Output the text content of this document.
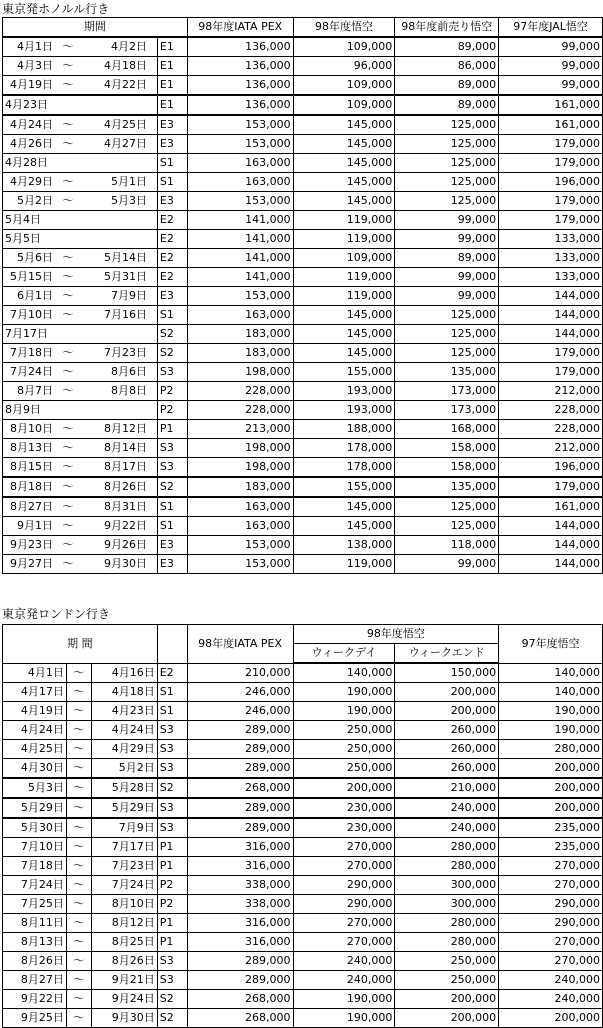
東京発ホノルル行き
期間		98年度IATA PEX	98年度悟空	98年度前売り悟空	97年度JAL悟空
4月1日 ～ 4月2日	E1	136,000	109,000	89,000	99,000
4月3日 ～ 4月18日	E1	136,000	96,000	86,000	99,000
4月19日 ～ 4月22日	E1	136,000	109,000	89,000	99,000
4月23日	E1	136,000	109,000	89,000	161,000
4月24日 ～ 4月25日	E3	153,000	145,000	125,000	161,000
4月26日 ～ 4月27日	E3	153,000	145,000	125,000	179,000
4月28日	S1	163,000	145,000	125,000	179,000
4月29日 ～ 5月1日	S1	163,000	145,000	125,000	196,000
5月2日 ～ 5月3日	E3	153,000	145,000	125,000	179,000
5月4日	E2	141,000	119,000	99,000	179,000
5月5日	E2	141,000	119,000	99,000	133,000
5月6日 ～ 5月14日	E2	141,000	109,000	89,000	133,000
5月15日 ～ 5月31日	E2	141,000	119,000	99,000	133,000
6月1日 ～ 7月9日	E3	153,000	119,000	99,000	144,000
7月10日 ～ 7月16日	S1	163,000	145,000	125,000	144,000
7月17日	S2	183,000	145,000	125,000	144,000
7月18日 ～ 7月23日	S2	183,000	145,000	125,000	179,000
7月24日 ～ 8月6日	S3	198,000	155,000	135,000	179,000
8月7日 ～ 8月8日	P2	228,000	193,000	173,000	212,000
8月9日	P2	228,000	193,000	173,000	228,000
8月10日 ～ 8月12日	P1	213,000	188,000	168,000	228,000
8月13日 ～ 8月14日	S3	198,000	178,000	158,000	212,000
8月15日 ～ 8月17日	S3	198,000	178,000	158,000	196,000
8月18日 ～ 8月26日	S2	183,000	155,000	135,000	179,000
8月27日 ～ 8月31日	S1	163,000	145,000	125,000	161,000
9月1日 ～ 9月22日	S1	163,000	145,000	125,000	144,000
9月23日 ～ 9月26日	E3	153,000	138,000	118,000	144,000
9月27日 ～ 9月30日	E3	153,000	119,000	99,000	144,000
東京発ロンドン行き
期 間				98年度IATA PEX	98年度悟空		97年度悟空
					ウィークデイ	ウィークエンド	
4月1日	～	4月16日	E2	210,000	140,000	150,000	140,000
4月17日	～	4月18日	S1	246,000	190,000	200,000	140,000
4月19日	～	4月23日	S1	246,000	190,000	200,000	190,000
4月24日	～	4月24日	S3	289,000	250,000	260,000	190,000
4月25日	～	4月29日	S3	289,000	250,000	260,000	280,000
4月30日	～	5月2日	S3	289,000	250,000	260,000	200,000
5月3日	～	5月28日	S2	268,000	200,000	210,000	200,000
5月29日	～	5月29日	S3	289,000	230,000	240,000	200,000
5月30日	～	7月9日	S3	289,000	230,000	240,000	235,000
7月10日	～	7月17日	P1	316,000	270,000	280,000	235,000
7月18日	～	7月23日	P1	316,000	270,000	280,000	270,000
7月24日	～	7月24日	P2	338,000	290,000	300,000	270,000
7月25日	～	8月10日	P2	338,000	290,000	300,000	290,000
8月11日	～	8月12日	P1	316,000	270,000	280,000	290,000
8月13日	～	8月25日	P1	316,000	270,000	280,000	270,000
8月26日	～	8月26日	S3	289,000	240,000	250,000	270,000
8月27日	～	9月21日	S3	289,000	240,000	250,000	240,000
9月22日	～	9月24日	S2	268,000	190,000	200,000	240,000
9月25日	～	9月30日	S2	268,000	190,000	200,000	200,000
